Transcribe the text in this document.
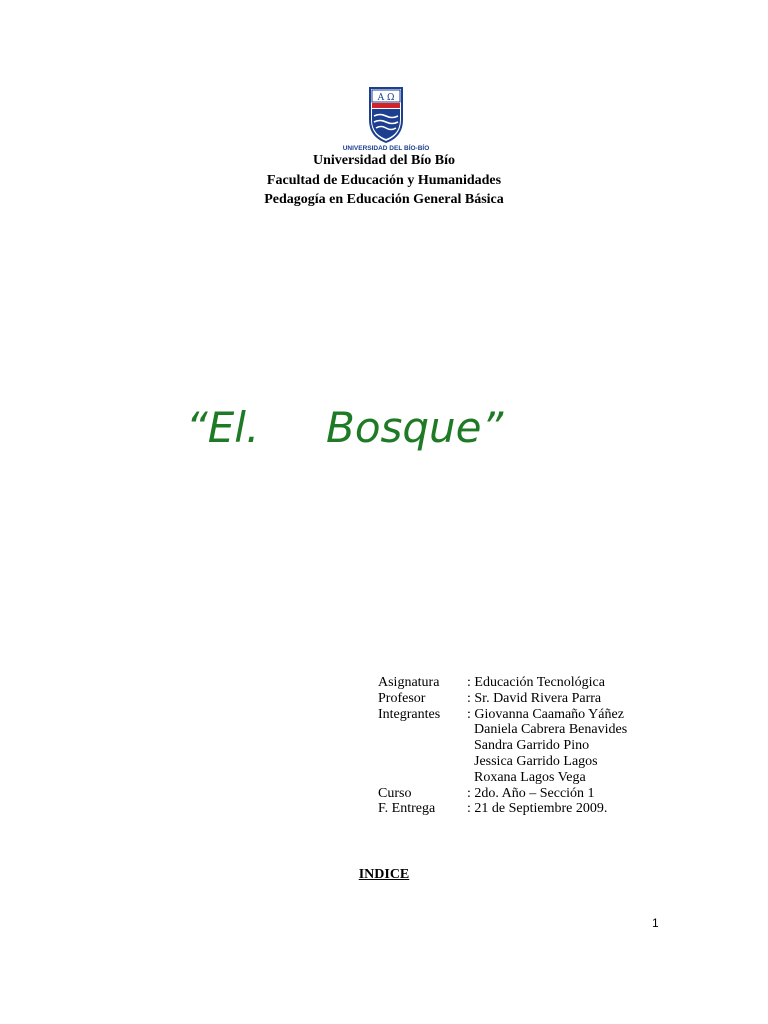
Α Ω
UNIVERSIDAD DEL BÍO-BÍO
Universidad del Bío Bío
Facultad de Educación y Humanidades
Pedagogía en Educación General Básica
“El. Bosque”
Asignatura : Educación Tecnológica
Profesor	: Sr. David Rivera Parra
Integrantes : Giovanna Caamaño Yáñez
Daniela Cabrera Benavides
Sandra Garrido Pino
Jessica Garrido Lagos
Roxana Lagos Vega
Curso	: 2do. Año – Sección 1
F. Entrega : 21 de Septiembre 2009.
INDICE
1
